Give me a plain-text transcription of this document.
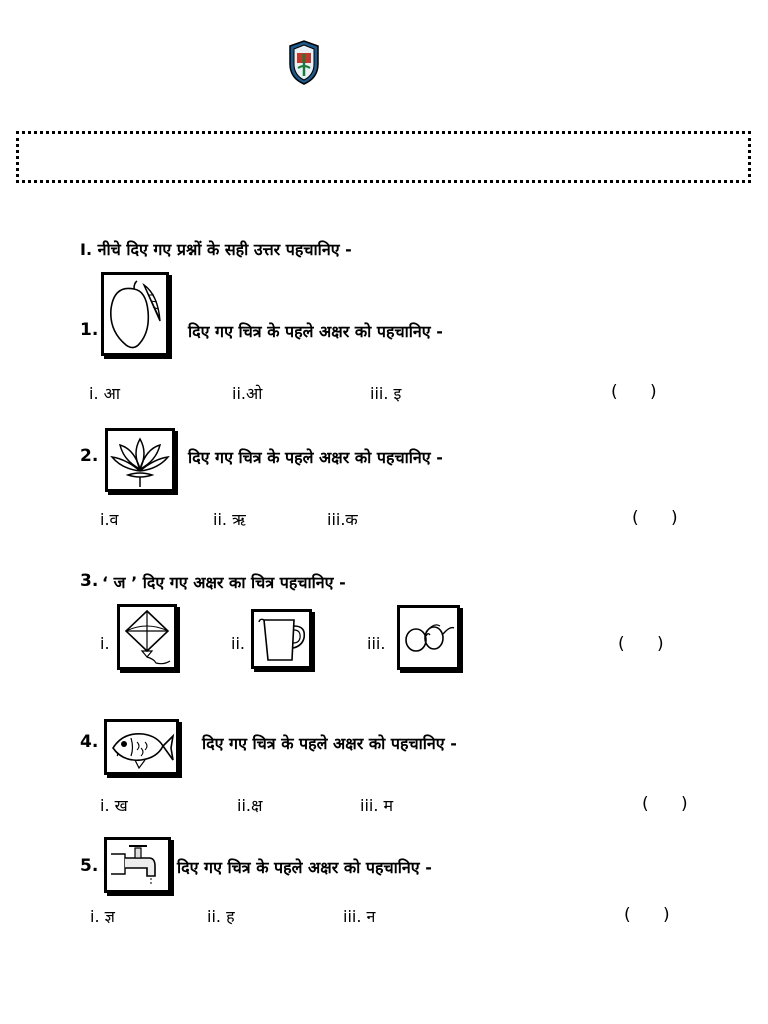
I. नीचे दिए गए प्रश्नों के सही उत्तर पहचानिए -
1.	दिए गए चित्र के पहले अक्षर को पहचानिए -
i. आ	ii.ओ	iii. इ	(      )
2.	दिए गए चित्र के पहले अक्षर को पहचानिए -
i.व	ii. ऋ	iii.क	(      )
3. ‘ ज ’ दिए गए अक्षर का चित्र पहचानिए -
i.	ii.	iii.	(      )
4.	दिए गए चित्र के पहले अक्षर को पहचानिए -
i. ख	ii.क्ष	iii. म	(      )
5.	दिए गए चित्र के पहले अक्षर को पहचानिए -
i. ज्ञ	ii. ह	iii. न	(      )
